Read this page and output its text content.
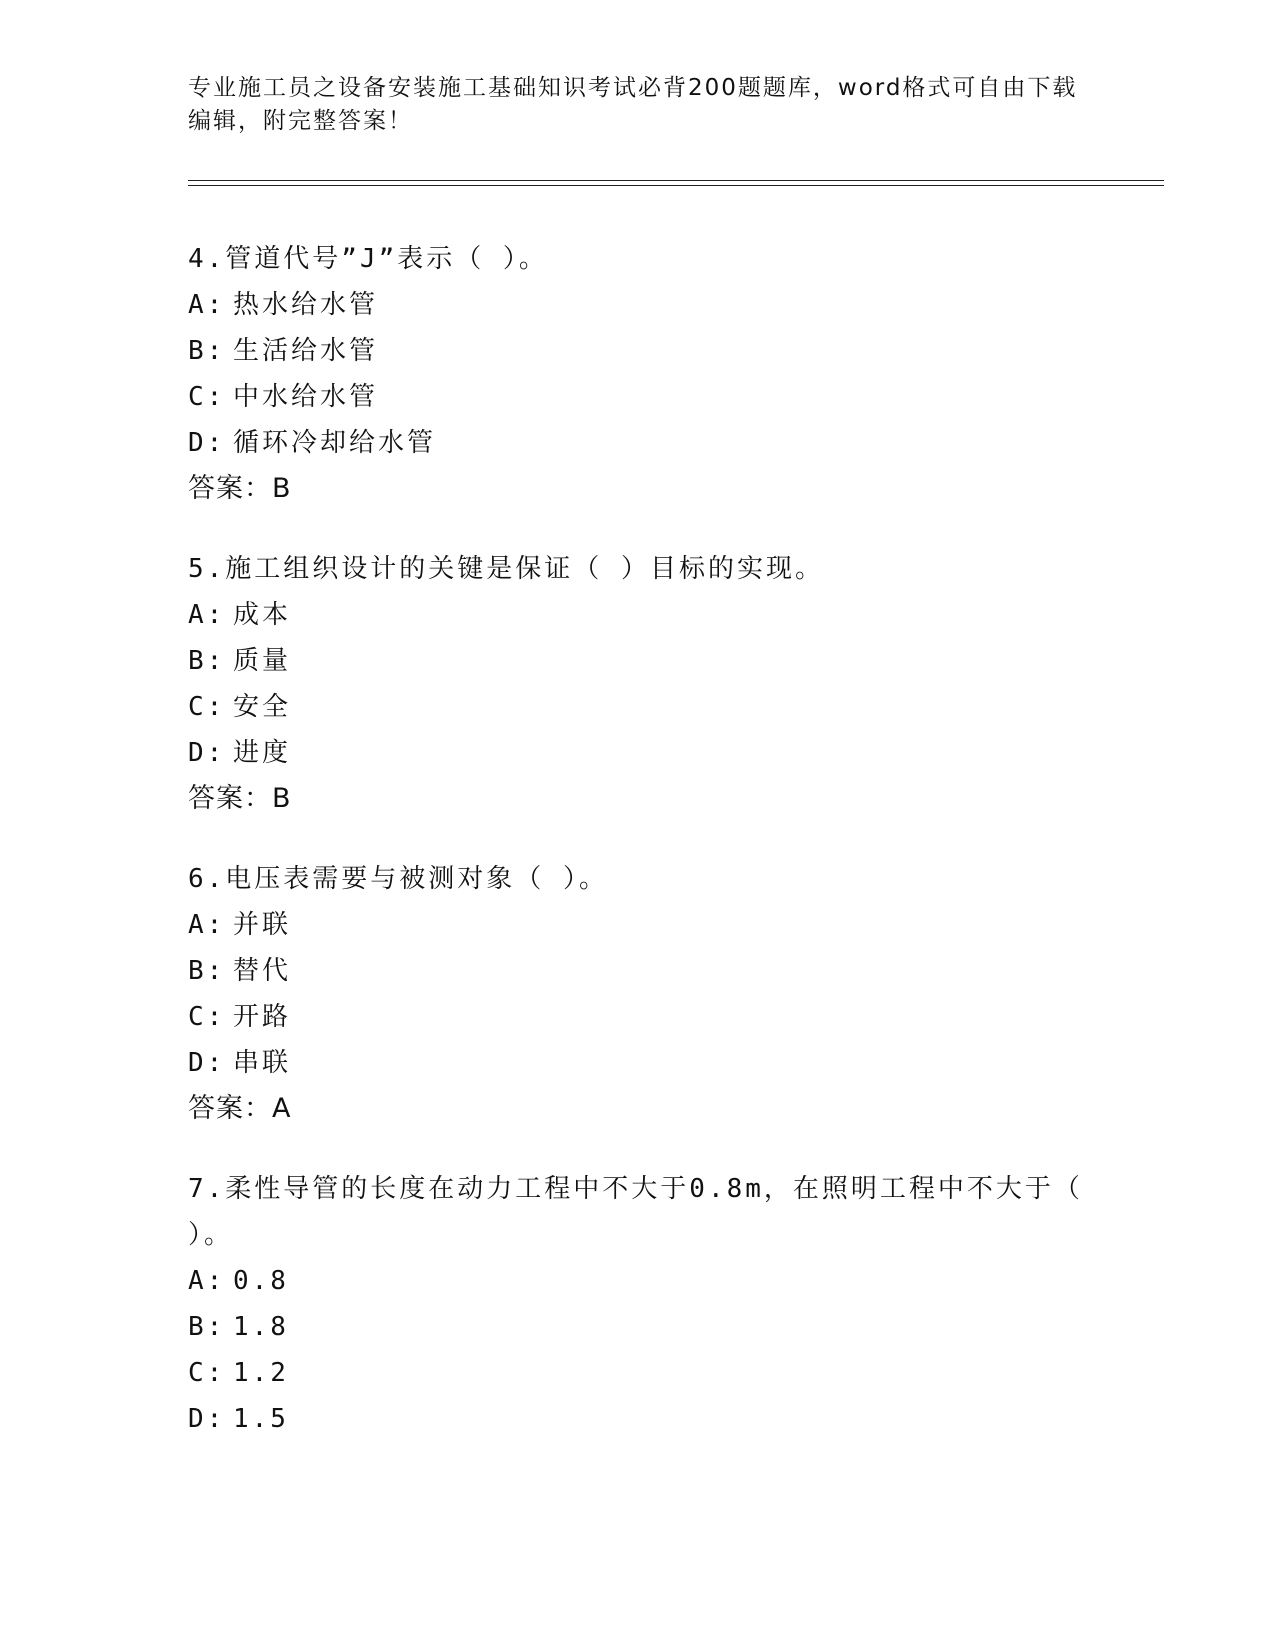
专业施工员之设备安装施工基础知识考试必背200题题库，word格式可自由下载编辑，附完整答案！
4.管道代号”J”表示（ ）。
A: 热水给水管
B: 生活给水管
C: 中水给水管
D: 循环冷却给水管
答案：B
5.施工组织设计的关键是保证（ ）目标的实现。
A: 成本
B: 质量
C: 安全
D: 进度
答案：B
6.电压表需要与被测对象（ ）。
A: 并联
B: 替代
C: 开路
D: 串联
答案：A
7.柔性导管的长度在动力工程中不大于0.8m，在照明工程中不大于（ ）。
A: 0.8
B: 1.8
C: 1.2
D: 1.5
